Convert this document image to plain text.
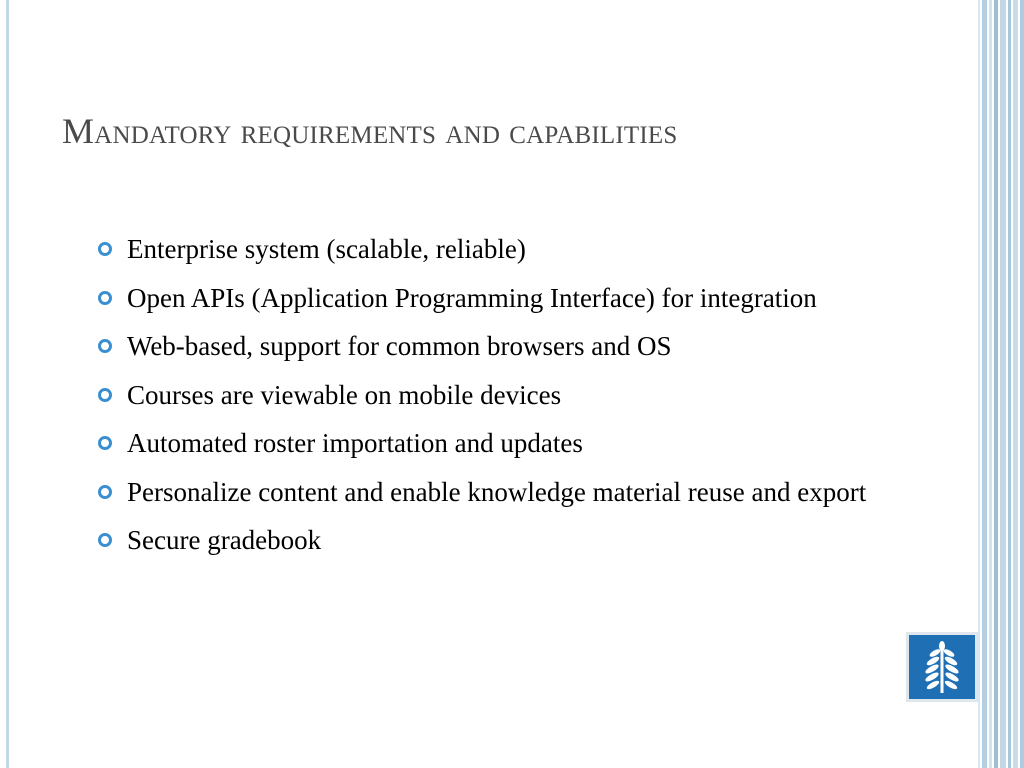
Mandatory requirements and capabilities
Enterprise system (scalable, reliable)
Open APIs (Application Programming Interface) for integration
Web-based, support for common browsers and OS
Courses are viewable on mobile devices
Automated roster importation and updates
Personalize content and enable knowledge material reuse and export
Secure gradebook
